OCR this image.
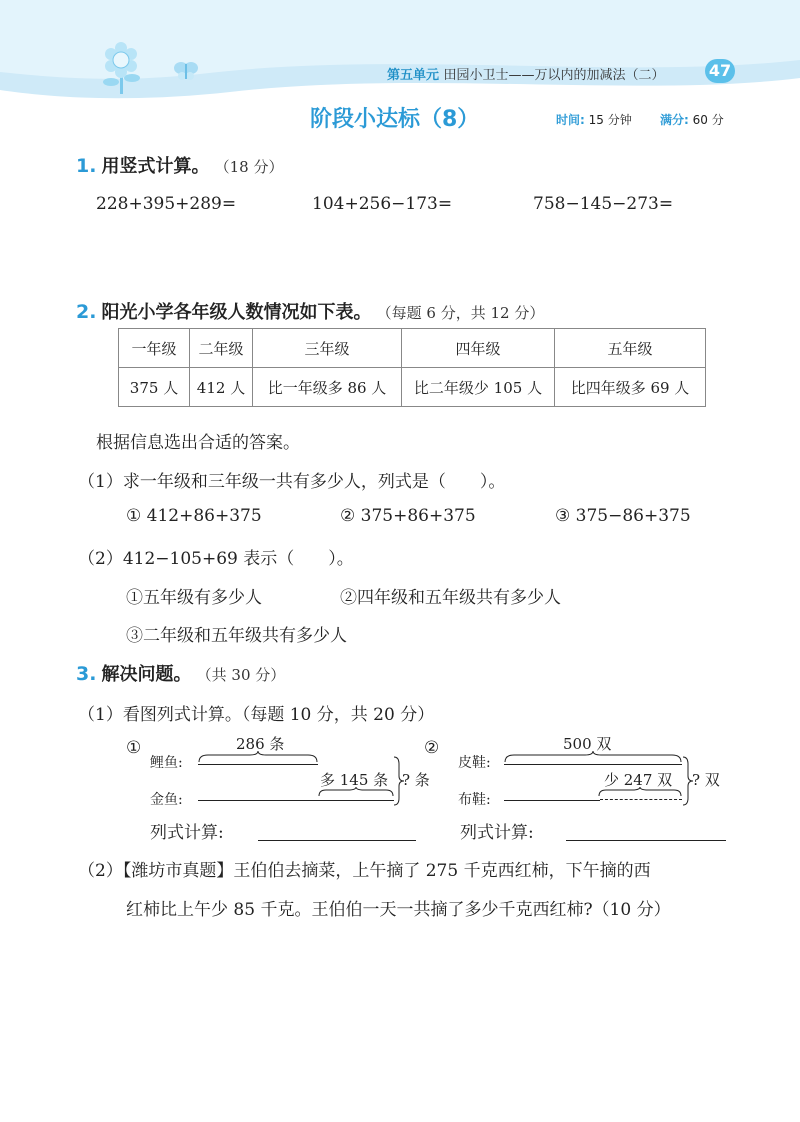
第五单元 田园小卫士——万以内的加减法（二）	47
阶段小达标（8）	时间: 15 分钟 满分: 60 分
1. 用竖式计算。 （18 分）
228+395+289=	104+256−173=	758−145−273=
2. 阳光小学各年级人数情况如下表。 （每题 6 分，共 12 分）
一年级	二年级	三年级	四年级	五年级
375 人	412 人	比一年级多 86 人	比二年级少 105 人	比四年级多 69 人
根据信息选出合适的答案。
（1）求一年级和三年级一共有多少人，列式是（　　）。
① 412+86+375	② 375+86+375	③ 375−86+375
（2）412−105+69 表示（　　）。
①五年级有多少人	②四年级和五年级共有多少人
③二年级和五年级共有多少人
3. 解决问题。 （共 30 分）
（1）看图列式计算。（每题 10 分，共 20 分）
①	286 条
鲤鱼:
多 145 条
金鱼:
? 条
②	500 双
皮鞋:
少 247 双
布鞋:
? 双
列式计算:	列式计算:
（2）【潍坊市真题】王伯伯去摘菜，上午摘了 275 千克西红柿，下午摘的西
红柿比上午少 85 千克。王伯伯一天一共摘了多少千克西红柿?（10 分）
